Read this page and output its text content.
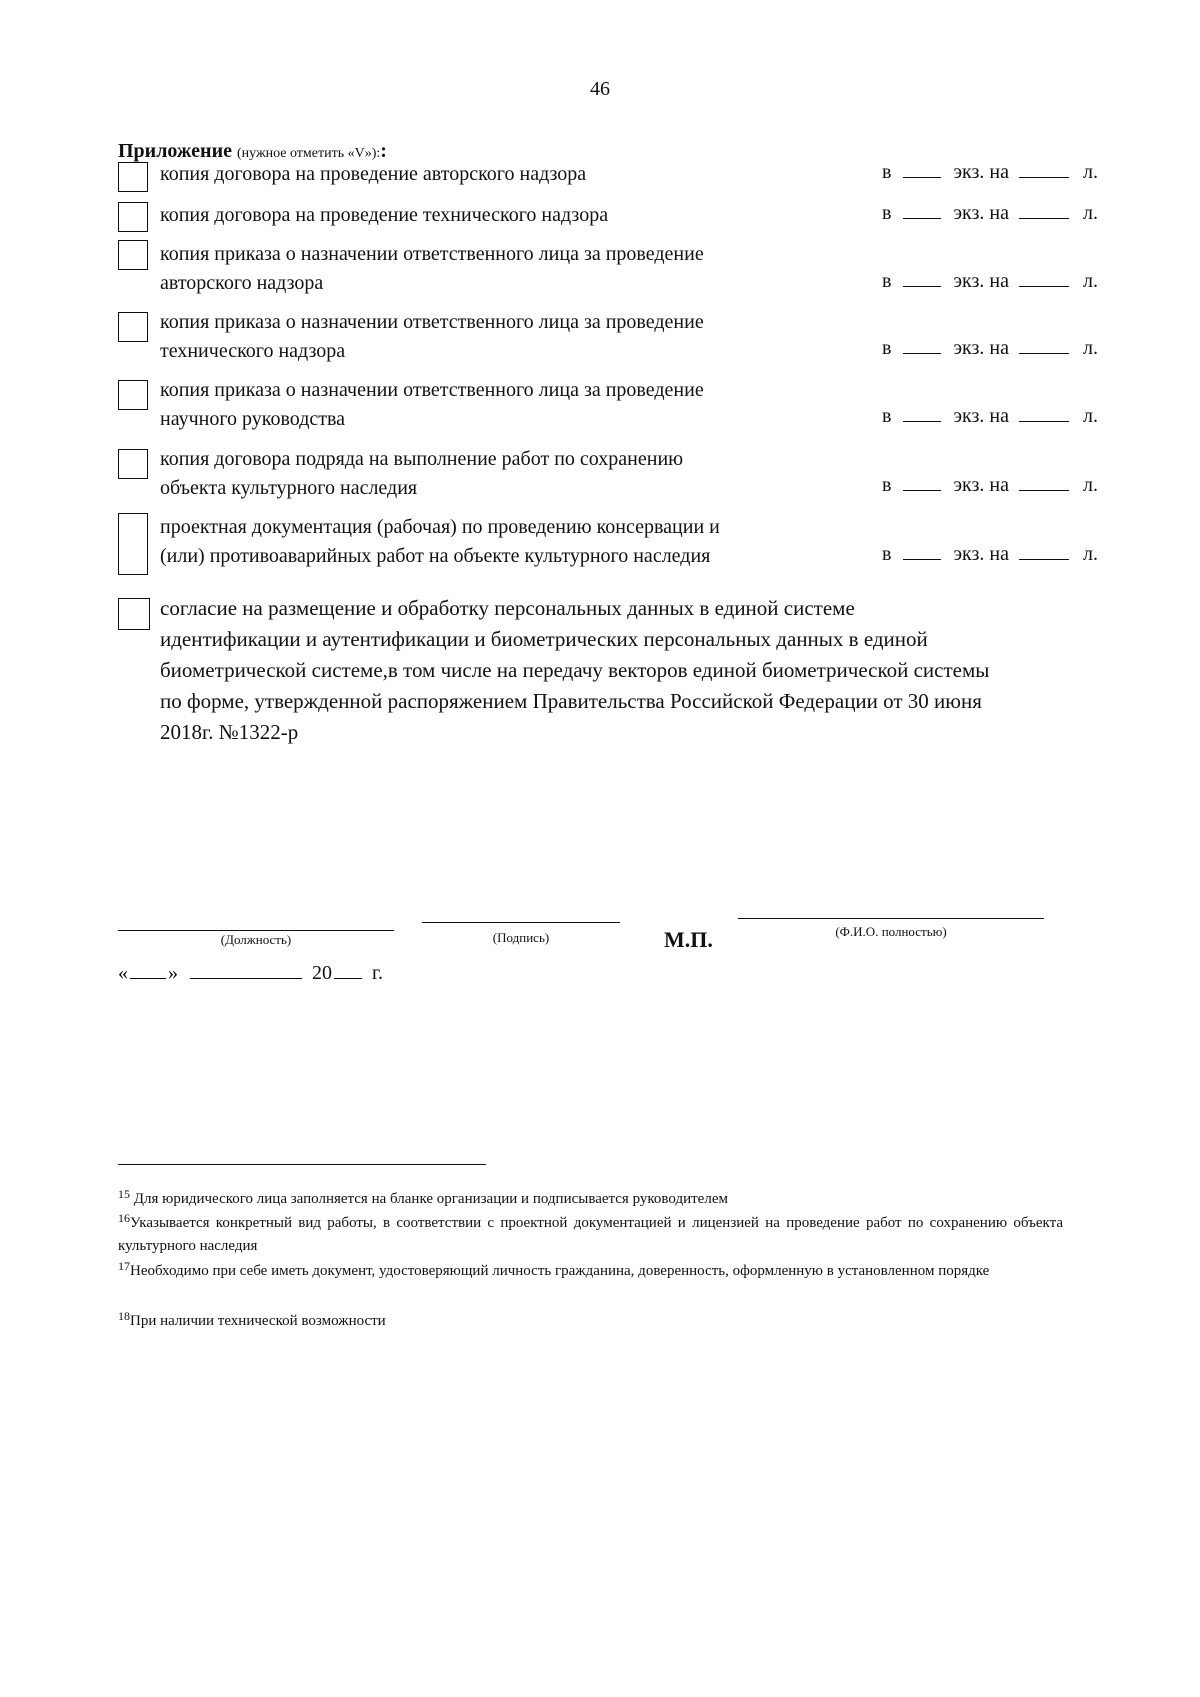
46
Приложение (нужное отметить «V»)::
копия договора на проведение авторского надзора	в	экз. на	л.
копия договора на проведение технического надзора	в	экз. на	л.
копия приказа о назначении ответственного лица за проведение
авторского надзора	в	экз. на	л.
копия приказа о назначении ответственного лица за проведение
технического надзора	в	экз. на	л.
копия приказа о назначении ответственного лица за проведение
научного руководства	в	экз. на	л.
копия договора подряда на выполнение работ по сохранению
объекта культурного наследия	в	экз. на	л.
проектная документация (рабочая) по проведению консервации и
(или) противоаварийных работ на объекте культурного наследия	в	экз. на	л.
согласие на размещение и обработку персональных данных в единой системе
идентификации и аутентификации и биометрических персональных данных в единой
биометрической системе,в том числе на передачу векторов единой биометрической системы
по форме, утвержденной распоряжением Правительства Российской Федерации от 30 июня
2018г. №1322-р
(Должность)	(Подпись)	М.П.	(Ф.И.О. полностью)
« »	20 г.
$^{15}$ Для юридического лица заполняется на бланке организации и подписывается руководителем
$^{16}$Указывается конкретный вид работы, в соответствии с проектной документацией и лицензией на проведение работ по сохранению объекта культурного наследия
$^{17}$Необходимо при себе иметь документ, удостоверяющий личность гражданина, доверенность, оформленную в установленном порядке
$^{18}$При наличии технической возможности
